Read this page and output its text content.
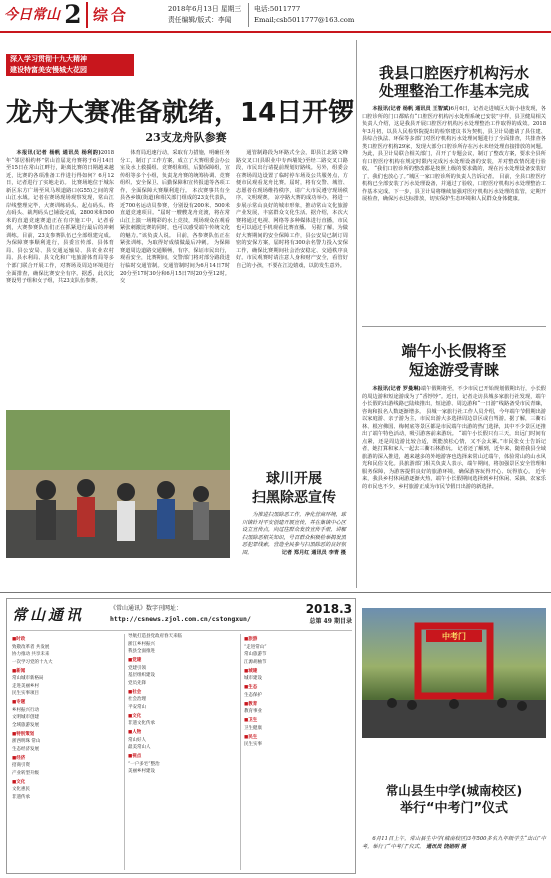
今日常山 2 综合	2018年6月13日 星期三
责任编辑/版式：李闻
电话:5011777
Email;csb5011777@163.com
深入学习贯彻十九大精神
建设特富美安慢城大花园
龙舟大赛准备就绪，14日开锣
23支龙舟队参赛

本报讯(记者 杨帆 通讯员 杨利韵)2018年“邻居相约杯”常山首届龙舟赛将于6月14日至15日在常山江畔行，距离比赛的日期越来越近，比赛的各项准备工作进行得如何？6月12日，记者进行了实地走访。 比赛场地位于城东新区东方广场至风马坝道路口(G55)之间的常山江水域。记者在赛场现场观察发现，常山江岸线整理完毕，大赛训练码头、起点码头、终点码头、裁判码头已铺设完成，2800米和500米的直道竞速赛道正在有序施工中，记者看到，大赛参赛队伍们正在抓紧进行最后的冲刺训练。目前，23支参赛队伍已全部组建完成。 为保障赛事顺利进行，县委宣传部、县体育局、县公安局、县交通运输局、县农业农村局、县水利局、县文化和广电旅游体育局等多个部门联合开展工作，对赛场及周边环境进行全面排查，确保比赛安全有序。据悉，此次比赛设男子组和女子组，共23支队伍参赛。

体育局迅速行动，采取有力措施，明确任务分工，制订了工作方案，成立了大赛组委会办公室及水上救援组、竞赛组和组，后勤保障组，宣传组等多个小组，负责龙舟赛的统筹协调、竞赛组织、安全保卫、后勤保障和宣传报道等各项工作，全面保障大赛顺利进行。 本次赛事共有全县各乡镇(街道)和相关部门组成的23支代表队，近700名运动员参赛，分别设有200米、500米直道竞速项目。“届时一艘艘龙舟竞渡，将在常山江上演一场精彩的水上竞技，现场观众在观看紧张刺激比赛的同时，也可以感受端午传统文化的魅力。”该负责人说。 目前，各参赛队伍正在紧张训练，为取得好成绩做最后冲刺。 为保障赛道周边道路交通顺畅，有序，保证市民出行，观看安全，比赛期间，交警部门将对部分路段进行临时交通管制。交通管制时间为6月14日7时20分至17时30分和6月15日7时20分至12时。交

通管制路段为环路式全会，即县江北路文峰路交叉口(县职业中专西墙处)至经二路交叉口路段，市民出行请提前规划好路线。另外，组委会在赛场周边设置了临时停车场及公共服务点，方便市民观看龙舟比赛。届时，将有交警、城管、志愿者在现场维持秩序，请广大市民遵守现场秩序，文明观赛。 凉亭路大赛的成功举办，将进一步展示常山良好的城市形象，推动常山文化旅游产业发展，丰富群众文化生活。据介绍，本次大赛将通过电视、网络等多种媒体进行直播，市民也可以通过手机观看比赛直播。 另据了解，为做好大赛期间的安全保障工作，县公安局已制订周密的安保方案，届时将有300余名警力投入安保工作，确保比赛期间社会治安稳定、交通秩序良好。市民观赛时请注意人身和财产安全，看管好自己的小孩，不要在江边嬉戏，以防发生意外。

球川开展
扫黑除恶宣传

为推进扫黑除恶工作，净化营商环境，球川镇针对平安创建开展宣传，并在集镇中心区设立宣传点，向过往群众发放宣传手册，讲解扫黑除恶相关知识，号召群众积极检举揭发黑恶犯罪线索，营造全民参与扫黑除恶的良好氛围。	记者 郑月红 通讯员 李青 摄
我县口腔医疗机构污水
处理整治工作基本完成

本报讯(记者 杨帆 通讯员 王智斌)6月6日，记者走进城区大街小巷发现，各口腔诊所的门口都贴有“口腔医疗机构污水处理系统已安装”字样，县卫健局相关负责人介绍，这是我县开展口腔医疗机构污水处理整治工作取得的成效。2018年3月初，以县人民检察院提出的检察建议书为契机，县卫计局邀请了县住建、县综合执法、环保等多部门对医疗机构污水处理问题进行了全面排查，共排查各类口腔医疗机构29家，发现大部分口腔诊所存在污水未经处理直接排放的问题。为此，县卫计局联合相关部门，召开了专题会议，制订了整改方案，要求全县所有口腔医疗机构在规定时限内完成污水处理设备的安装，并对整改情况进行验收。 “我们口腔诊所的整改都是按照上级的要求做的，现在污水处理设备安装好了，我们也放心了。”城区一家口腔诊所的负责人告诉记者。 目前，全县口腔医疗机构已全部安装了污水处理设备，并通过了验收，口腔医疗机构污水处理整治工作基本完成。下一步，县卫计局将继续加强对医疗机构污水处理的监管，定期开展检查，确保污水达标排放，切实保护生态环境和人民群众身体健康。

端午小长假将至
短途游受青睐

本报讯(记者 罗曼琳)端午假期将至，不少市民已开始规划假期出行，小长假的周边游和短途游成为了“香饽饽”。近日，记者走访县城多家旅行社发现，端午小长假的出游线路已陆续推出，短途游、周边游和“一日游”线路备受市民青睐，咨询和报名人数逐渐增多。 县城一家旅行社工作人员介绍，今年端午节假期出游以家庭游、亲子游为主，市民出游大多选择周边景区或自驾游。据了解，三衢石林、根宫佛国、梅树底等景区都是市民端午出游的热门选择，其中不少景区还推出了端午特色活动，吸引游客前来游玩。 “端午小长假只有三天，出远门时间有点紧，还是周边游比较合适，既能放松心情，又不会太累。”市民张女士告诉记者，她打算和家人一起去三衢石林游玩。 记者还了解到，近年来，随着我县全域旅游的深入推进，越来越多的外地游客也选择来常山过端午，体验常山的山水风光和民俗文化。县旅游部门相关负责人表示，端午期间，将加强景区安全管理和服务保障，为游客提供良好的旅游环境，确保游客玩得开心、玩得放心。 近年来，我县乡村休闲游逐渐火热，端午小长假期间选择到乡村休闲、采摘、农家乐的市民也不少，乡村旅游正成为市民节假日出游的新选择。

常山通讯	《常山通讯》数字刊网址：
http://csnews.zjol.com.cn/cstongxun/
2018.3
总第 49 期目录
■时政
致敬改革者 共发展
协力推动 共享未来
一次学习党的十九大
■新闻
常山城市新格局
走进美丽乡村
民生实事项目
■专题
乡村振兴行动
文明城市创建
全域旅游发展
■特别策划
浙西明珠 常山
生态经济发展
■经济
招商引资
产业转型升级
■文化
文化惠民
非遗传承
导航打造县党政府春天来临
浙江乡村振兴
我县全面推进
■党建
党建引领
基层组织建设
党员先锋
■社会
社会治理
平安常山
■文化
非遗文化传承
■人物
常山好人
最美常山人
■视点
“一户多宅”整治
美丽乡村建设
■旅游
“走进常山”
常山旅游节
江源胡柚节
■城建
城市建设
■生态
生态保护
■教育
教育事业
■卫生
卫生健康
■民生
民生实事
中考门
常山县生中学(城南校区)
举行“中考门”仪式

6月11日上午，常山县生中学(城南校区)3年500多名九年级学生“出山”中考，举行了“中考门”仪式。 通讯员 饶姐明 摄
